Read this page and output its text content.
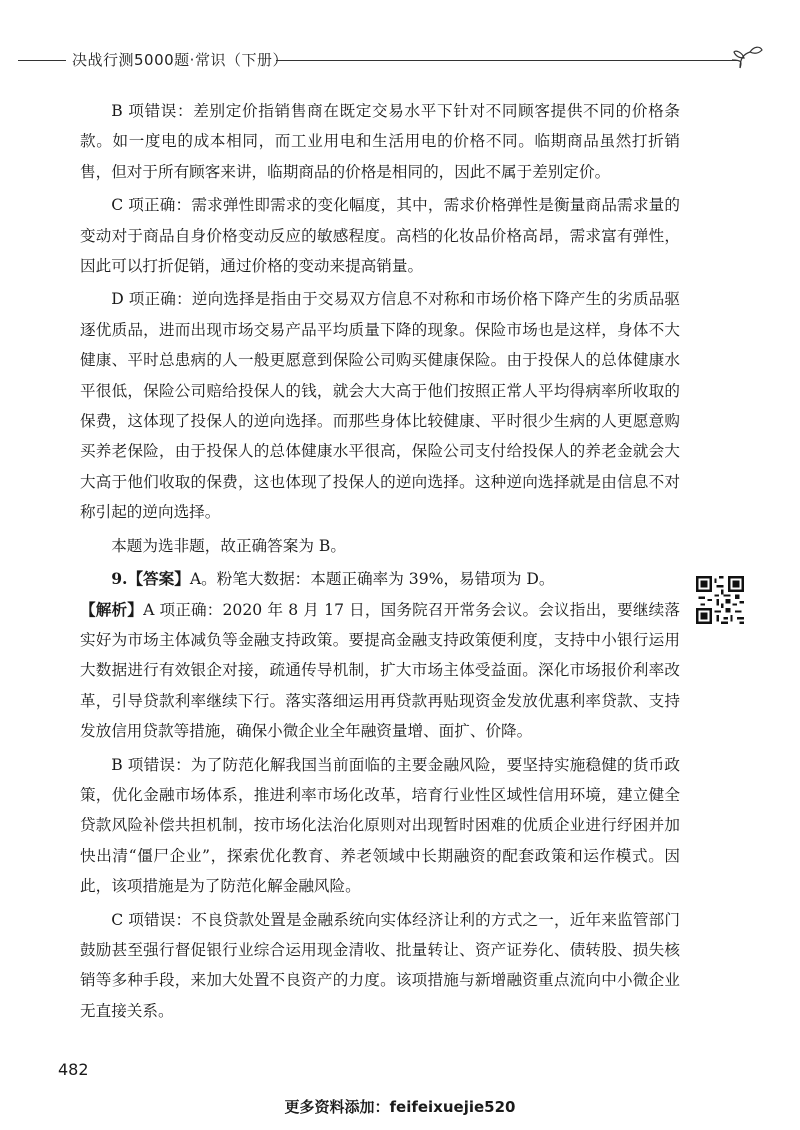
决战行测5000题·常识（下册）

B 项错误：差别定价指销售商在既定交易水平下针对不同顾客提供不同的价格条款。如一度电的成本相同，而工业用电和生活用电的价格不同。临期商品虽然打折销售，但对于所有顾客来讲，临期商品的价格是相同的，因此不属于差别定价。

C 项正确：需求弹性即需求的变化幅度，其中，需求价格弹性是衡量商品需求量的变动对于商品自身价格变动反应的敏感程度。高档的化妆品价格高昂，需求富有弹性，因此可以打折促销，通过价格的变动来提高销量。

D 项正确：逆向选择是指由于交易双方信息不对称和市场价格下降产生的劣质品驱逐优质品，进而出现市场交易产品平均质量下降的现象。保险市场也是这样，身体不大健康、平时总患病的人一般更愿意到保险公司购买健康保险。由于投保人的总体健康水平很低，保险公司赔给投保人的钱，就会大大高于他们按照正常人平均得病率所收取的保费，这体现了投保人的逆向选择。而那些身体比较健康、平时很少生病的人更愿意购买养老保险，由于投保人的总体健康水平很高，保险公司支付给投保人的养老金就会大大高于他们收取的保费，这也体现了投保人的逆向选择。这种逆向选择就是由信息不对称引起的逆向选择。

本题为选非题，故正确答案为 B。

9.【答案】A。粉笔大数据：本题正确率为 39%，易错项为 D。

【解析】A 项正确：2020 年 8 月 17 日，国务院召开常务会议。会议指出，要继续落实好为市场主体减负等金融支持政策。要提高金融支持政策便利度，支持中小银行运用大数据进行有效银企对接，疏通传导机制，扩大市场主体受益面。深化市场报价利率改革，引导贷款利率继续下行。落实落细运用再贷款再贴现资金发放优惠利率贷款、支持发放信用贷款等措施，确保小微企业全年融资量增、面扩、价降。

B 项错误：为了防范化解我国当前面临的主要金融风险，要坚持实施稳健的货币政策，优化金融市场体系，推进利率市场化改革，培育行业性区域性信用环境，建立健全贷款风险补偿共担机制，按市场化法治化原则对出现暂时困难的优质企业进行纾困并加快出清“僵尸企业”，探索优化教育、养老领域中长期融资的配套政策和运作模式。因此，该项措施是为了防范化解金融风险。

C 项错误：不良贷款处置是金融系统向实体经济让利的方式之一，近年来监管部门鼓励甚至强行督促银行业综合运用现金清收、批量转让、资产证券化、债转股、损失核销等多种手段，来加大处置不良资产的力度。该项措施与新增融资重点流向中小微企业无直接关系。

482
更多资料添加：feifeixuejie520
